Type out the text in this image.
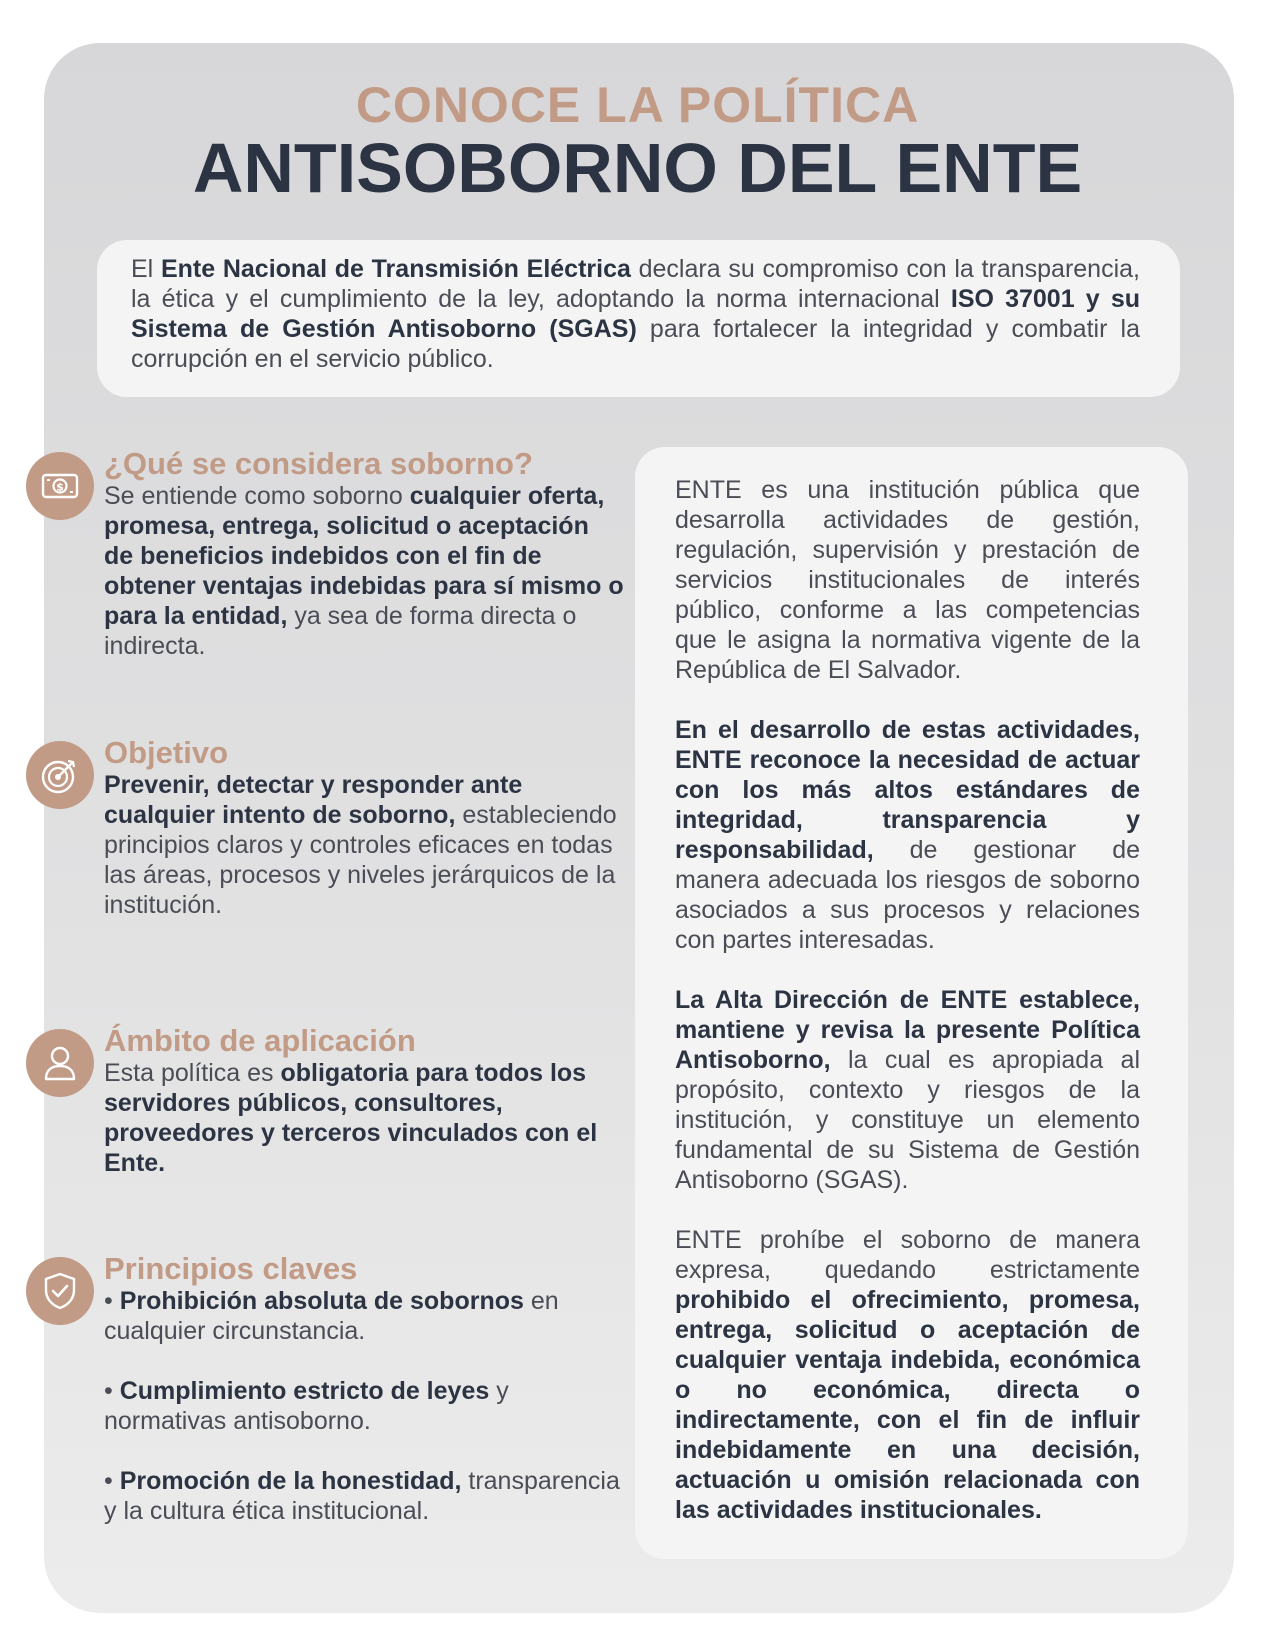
CONOCE LA POLÍTICA
ANTISOBORNO DEL ENTE
El Ente Nacional de Transmisión Eléctrica declara su compromiso con la transparencia, la ética y el cumplimiento de la ley, adoptando la norma internacional ISO 37001 y su Sistema de Gestión Antisoborno (SGAS) para fortalecer la integridad y combatir la corrupción en el servicio público.
$
¿Qué se considera soborno?
Se entiende como soborno cualquier oferta, promesa, entrega, solicitud o aceptación de beneficios indebidos con el fin de obtener ventajas indebidas para sí mismo o para la entidad, ya sea de forma directa o indirecta.
Objetivo
Prevenir, detectar y responder ante cualquier intento de soborno, estableciendo principios claros y controles eficaces en todas las áreas, procesos y niveles jerárquicos de la institución.
Ámbito de aplicación
Esta política es obligatoria para todos los servidores públicos, consultores, proveedores y terceros vinculados con el Ente.
Principios claves

• Prohibición absoluta de sobornos en cualquier circunstancia.

• Cumplimiento estricto de leyes y normativas antisoborno.

• Promoción de la honestidad, transparencia y la cultura ética institucional.

ENTE es una institución pública que desarrolla actividades de gestión, regulación, supervisión y prestación de servicios institucionales de interés público, conforme a las competencias que le asigna la normativa vigente de la República de El Salvador.

En el desarrollo de estas actividades, ENTE reconoce la necesidad de actuar con los más altos estándares de integridad, transparencia y responsabilidad, de gestionar de manera adecuada los riesgos de soborno asociados a sus procesos y relaciones con partes interesadas.

La Alta Dirección de ENTE establece, mantiene y revisa la presente Política Antisoborno, la cual es apropiada al propósito, contexto y riesgos de la institución, y constituye un elemento fundamental de su Sistema de Gestión Antisoborno (SGAS).

ENTE prohíbe el soborno de manera expresa, quedando estrictamente prohibido el ofrecimiento, promesa, entrega, solicitud o aceptación de cualquier ventaja indebida, económica o no económica, directa o indirectamente, con el fin de influir indebidamente en una decisión, actuación u omisión relacionada con las actividades institucionales.
